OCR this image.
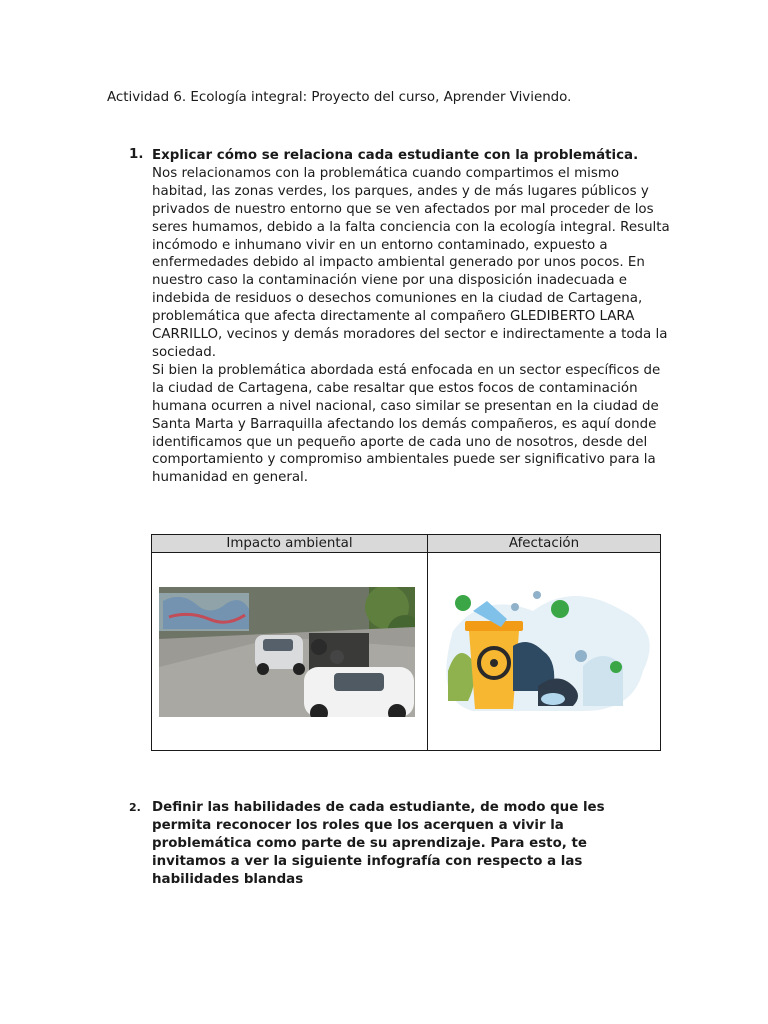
Actividad 6. Ecología integral: Proyecto del curso, Aprender Viviendo.
1. Explicar cómo se relaciona cada estudiante con la problemática.
Nos relacionamos con la problemática cuando compartimos el mismo habitad, las zonas verdes, los parques, andes y de más lugares públicos y privados de nuestro entorno que se ven afectados por mal proceder de los seres humamos, debido a la falta conciencia con la ecología integral. Resulta incómodo e inhumano vivir en un entorno contaminado, expuesto a enfermedades debido al impacto ambiental generado por unos pocos. En nuestro caso la contaminación viene por una disposición inadecuada e indebida de residuos o desechos comuniones en la ciudad de Cartagena, problemática que afecta directamente al compañero GLEDIBERTO LARA CARRILLO, vecinos y demás moradores del sector e indirectamente a toda la sociedad.
Si bien la problemática abordada está enfocada en un sector específicos de la ciudad de Cartagena, cabe resaltar que estos focos de contaminación humana ocurren a nivel nacional, caso similar se presentan en la ciudad de Santa Marta y Barraquilla afectando los demás compañeros, es aquí donde identificamos que un pequeño aporte de cada uno de nosotros, desde del comportamiento y compromiso ambientales puede ser significativo para la humanidad en general.
Impacto ambiental	Afectación
2. Definir las habilidades de cada estudiante, de modo que les permita reconocer los roles que los acerquen a vivir la problemática como parte de su aprendizaje. Para esto, te invitamos a ver la siguiente infografía con respecto a las habilidades blandas
